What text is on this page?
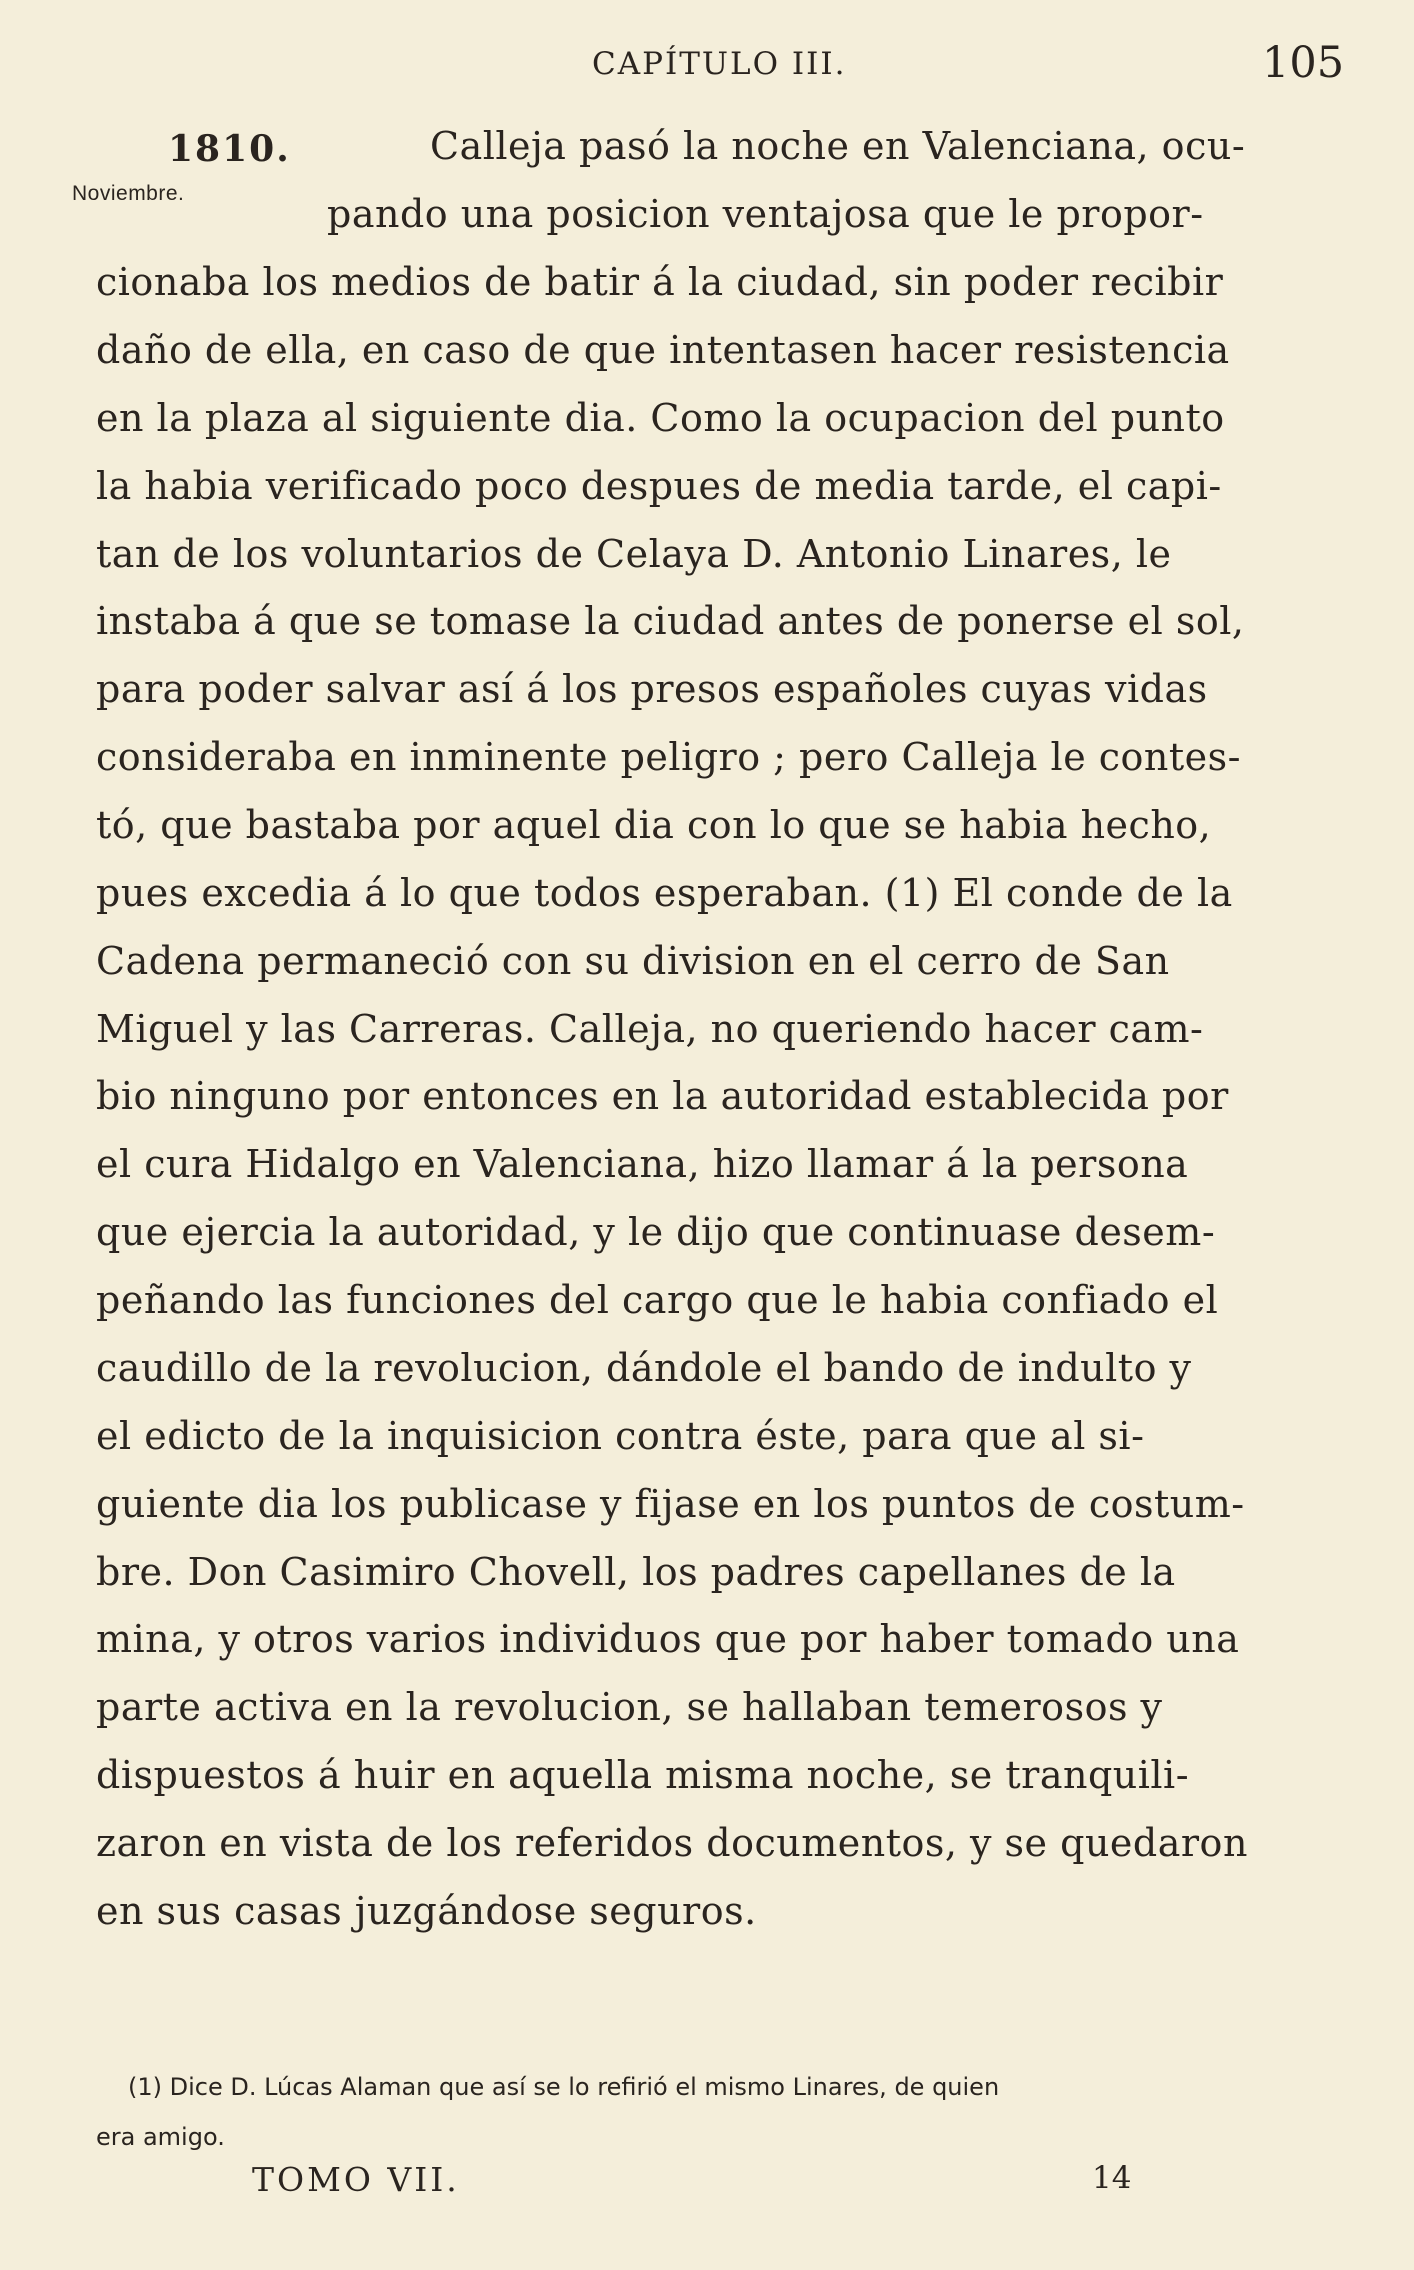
CAPÍTULO III.	105
1810.
Noviembre.
Calleja pasó la noche en Valenciana, ocu-
pando una posicion ventajosa que le propor-
cionaba los medios de batir á la ciudad, sin poder recibir
daño de ella, en caso de que intentasen hacer resistencia
en la plaza al siguiente dia. Como la ocupacion del punto
la habia verificado poco despues de media tarde, el capi-
tan de los voluntarios de Celaya D. Antonio Linares, le
instaba á que se tomase la ciudad antes de ponerse el sol,
para poder salvar así á los presos españoles cuyas vidas
consideraba en inminente peligro ; pero Calleja le contes-
tó, que bastaba por aquel dia con lo que se habia hecho,
pues excedia á lo que todos esperaban. (1) El conde de la
Cadena permaneció con su division en el cerro de San
Miguel y las Carreras. Calleja, no queriendo hacer cam-
bio ninguno por entonces en la autoridad establecida por
el cura Hidalgo en Valenciana, hizo llamar á la persona
que ejercia la autoridad, y le dijo que continuase desem-
peñando las funciones del cargo que le habia confiado el
caudillo de la revolucion, dándole el bando de indulto y
el edicto de la inquisicion contra éste, para que al si-
guiente dia los publicase y fijase en los puntos de costum-
bre. Don Casimiro Chovell, los padres capellanes de la
mina, y otros varios individuos que por haber tomado una
parte activa en la revolucion, se hallaban temerosos y
dispuestos á huir en aquella misma noche, se tranquili-
zaron en vista de los referidos documentos, y se quedaron
en sus casas juzgándose seguros.
(1) Dice D. Lúcas Alaman que así se lo refirió el mismo Linares, de quien
era amigo.
TOMO VII.	14
